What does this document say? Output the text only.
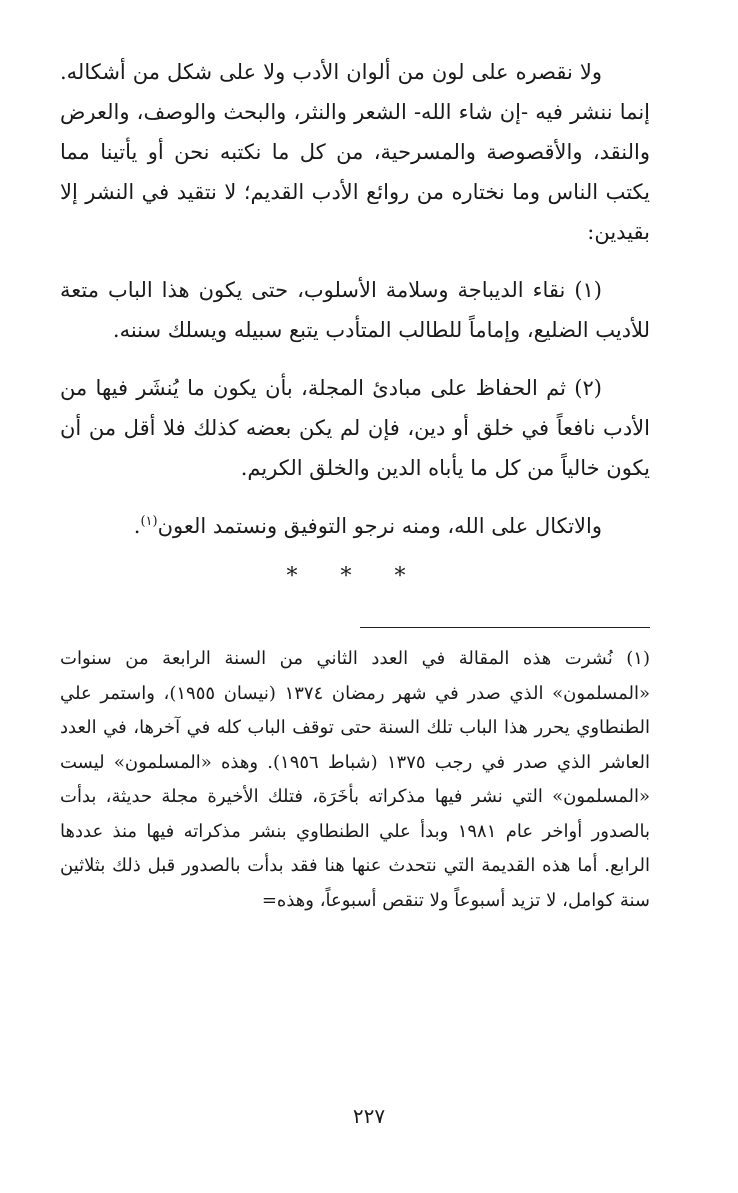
ولا نقصره على لون من ألوان الأدب ولا على شكل من أشكاله. إنما ننشر فيه -إن شاء الله- الشعر والنثر، والبحث والوصف، والعرض والنقد، والأقصوصة والمسرحية، من كل ما نكتبه نحن أو يأتينا مما يكتب الناس وما نختاره من روائع الأدب القديم؛ لا نتقيد في النشر إلا بقيدين:

(١) نقاء الديباجة وسلامة الأسلوب، حتى يكون هذا الباب متعة للأديب الضليع، وإماماً للطالب المتأدب يتبع سبيله ويسلك سننه.

(٢) ثم الحفاظ على مبادئ المجلة، بأن يكون ما يُنشَر فيها من الأدب نافعاً في خلق أو دين، فإن لم يكن بعضه كذلك فلا أقل من أن يكون خالياً من كل ما يأباه الدين والخلق الكريم.

والاتكال على الله، ومنه نرجو التوفيق ونستمد العون$^{(١)}$.

* * *

(١) نُشرت هذه المقالة في العدد الثاني من السنة الرابعة من سنوات «المسلمون» الذي صدر في شهر رمضان ١٣٧٤ (نيسان ١٩٥٥)، واستمر علي الطنطاوي يحرر هذا الباب تلك السنة حتى توقف الباب كله في آخرها، في العدد العاشر الذي صدر في رجب ١٣٧٥ (شباط ١٩٥٦). وهذه «المسلمون» ليست «المسلمون» التي نشر فيها مذكراته بأخَرَة، فتلك الأخيرة مجلة حديثة، بدأت بالصدور أواخر عام ١٩٨١ وبدأ علي الطنطاوي بنشر مذكراته فيها منذ عددها الرابع. أما هذه القديمة التي نتحدث عنها هنا فقد بدأت بالصدور قبل ذلك بثلاثين سنة كوامل، لا تزيد أسبوعاً ولا تنقص أسبوعاً، وهذه=

٢٢٧
